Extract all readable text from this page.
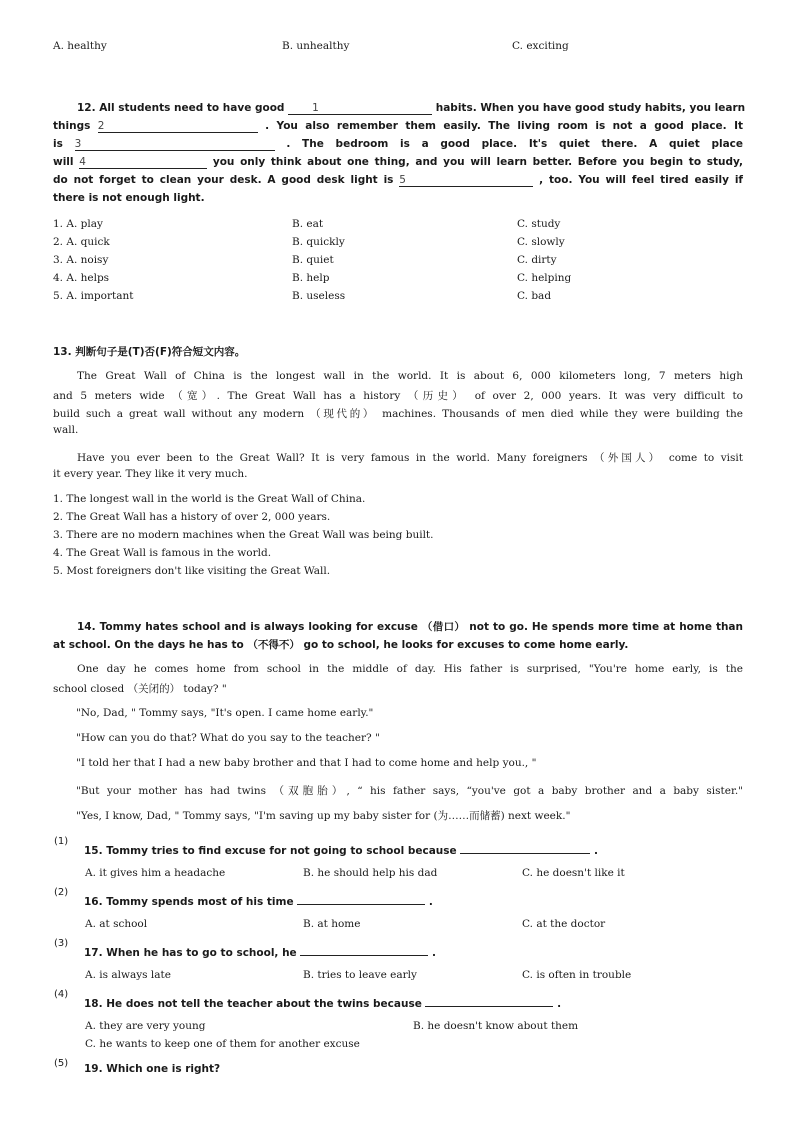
A. healthy	B. unhealthy	C. exciting
12. All students need to have good 1	habits. When you have good study habits, you learn
things 2	. You also remember them easily. The living room is not a good place. It
is 3	. The bedroom is a good place. It's quiet there. A quiet place
will 4	you only think about one thing, and you will learn better. Before you begin to study,
do not forget to clean your desk. A good desk light is 5	, too. You will feel tired easily if
there is not enough light.
1. A. play	B. eat	C. study
2. A. quick	B. quickly	C. slowly
3. A. noisy	B. quiet	C. dirty
4. A. helps	B. help	C. helping
5. A. important	B. useless	C. bad
13. 判断句子是(T)否(F)符合短文内容。
The Great Wall of China is the longest wall in the world. It is about 6, 000 kilometers long, 7 meters high
and 5 meters wide （宽）. The Great Wall has a history （历史） of over 2, 000 years. It was very difficult to
build such a great wall without any modern （现代的） machines. Thousands of men died while they were building the
wall.
Have you ever been to the Great Wall? It is very famous in the world. Many foreigners （外国人） come to visit
it every year. They like it very much.
1. The longest wall in the world is the Great Wall of China.
2. The Great Wall has a history of over 2, 000 years.
3. There are no modern machines when the Great Wall was being built.
4. The Great Wall is famous in the world.
5. Most foreigners don't like visiting the Great Wall.
14. Tommy hates school and is always looking for excuse （借口） not to go. He spends more time at home than
at school. On the days he has to （不得不） go to school, he looks for excuses to come home early.
One day he comes home from school in the middle of day. His father is surprised, "You're home early, is the
school closed （关闭的） today? "
"No, Dad, " Tommy says, "It's open. I came home early."
"How can you do that? What do you say to the teacher? "
"I told her that I had a new baby brother and that I had to come home and help you., "
"But your mother has had twins （双胞胎）, “ his father says, “you've got a baby brother and a baby sister."
"Yes, I know, Dad, " Tommy says, "I'm saving up my baby sister for (为……而储蓄) next week."
(1)
15. Tommy tries to find excuse for not going to school because	.
A. it gives him a headache	B. he should help his dad	C. he doesn't like it
(2)
16. Tommy spends most of his time	.
A. at school	B. at home	C. at the doctor
(3)
17. When he has to go to school, he	.
A. is always late	B. tries to leave early	C. is often in trouble
(4)
18. He does not tell the teacher about the twins because	.
A. they are very young	B. he doesn't know about them
C. he wants to keep one of them for another excuse
(5) 19. Which one is right?
